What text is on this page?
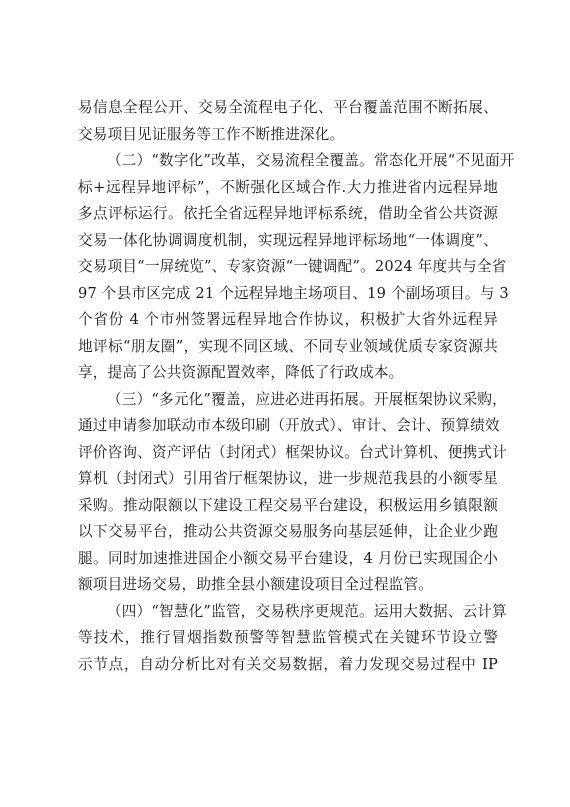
易信息全程公开、交易全流程电子化、平台覆盖范围不断拓展、
交易项目见证服务等工作不断推进深化。
（二）“数字化”改革，交易流程全覆盖。常态化开展“不见面开
标+远程异地评标”，不断强化区域合作.大力推进省内远程异地
多点评标运行。依托全省远程异地评标系统，借助全省公共资源
交易一体化协调调度机制，实现远程异地评标场地“一体调度”、
交易项目“一屏统览”、专家资源“一键调配”。2024 年度共与全省
97 个县市区完成 21 个远程异地主场项目、19 个副场项目。与 3
个省份 4 个市州签署远程异地合作协议，积极扩大省外远程异
地评标“朋友圈”，实现不同区域、不同专业领域优质专家资源共
享，提高了公共资源配置效率，降低了行政成本。
（三）“多元化”覆盖，应进必进再拓展。开展框架协议采购，
通过申请参加联动市本级印刷（开放式）、审计、会计、预算绩效
评价咨询、资产评估（封闭式）框架协议。台式计算机、便携式计
算机（封闭式）引用省厅框架协议，进一步规范我县的小额零星
采购。推动限额以下建设工程交易平台建设，积极运用乡镇限额
以下交易平台，推动公共资源交易服务向基层延伸，让企业少跑
腿。同时加速推进国企小额交易平台建设，4 月份已实现国企小
额项目进场交易，助推全县小额建设项目全过程监管。
（四）“智慧化”监管，交易秩序更规范。运用大数据、云计算
等技术，推行冒烟指数预警等智慧监管模式在关键环节设立警
示节点，自动分析比对有关交易数据，着力发现交易过程中 IP
